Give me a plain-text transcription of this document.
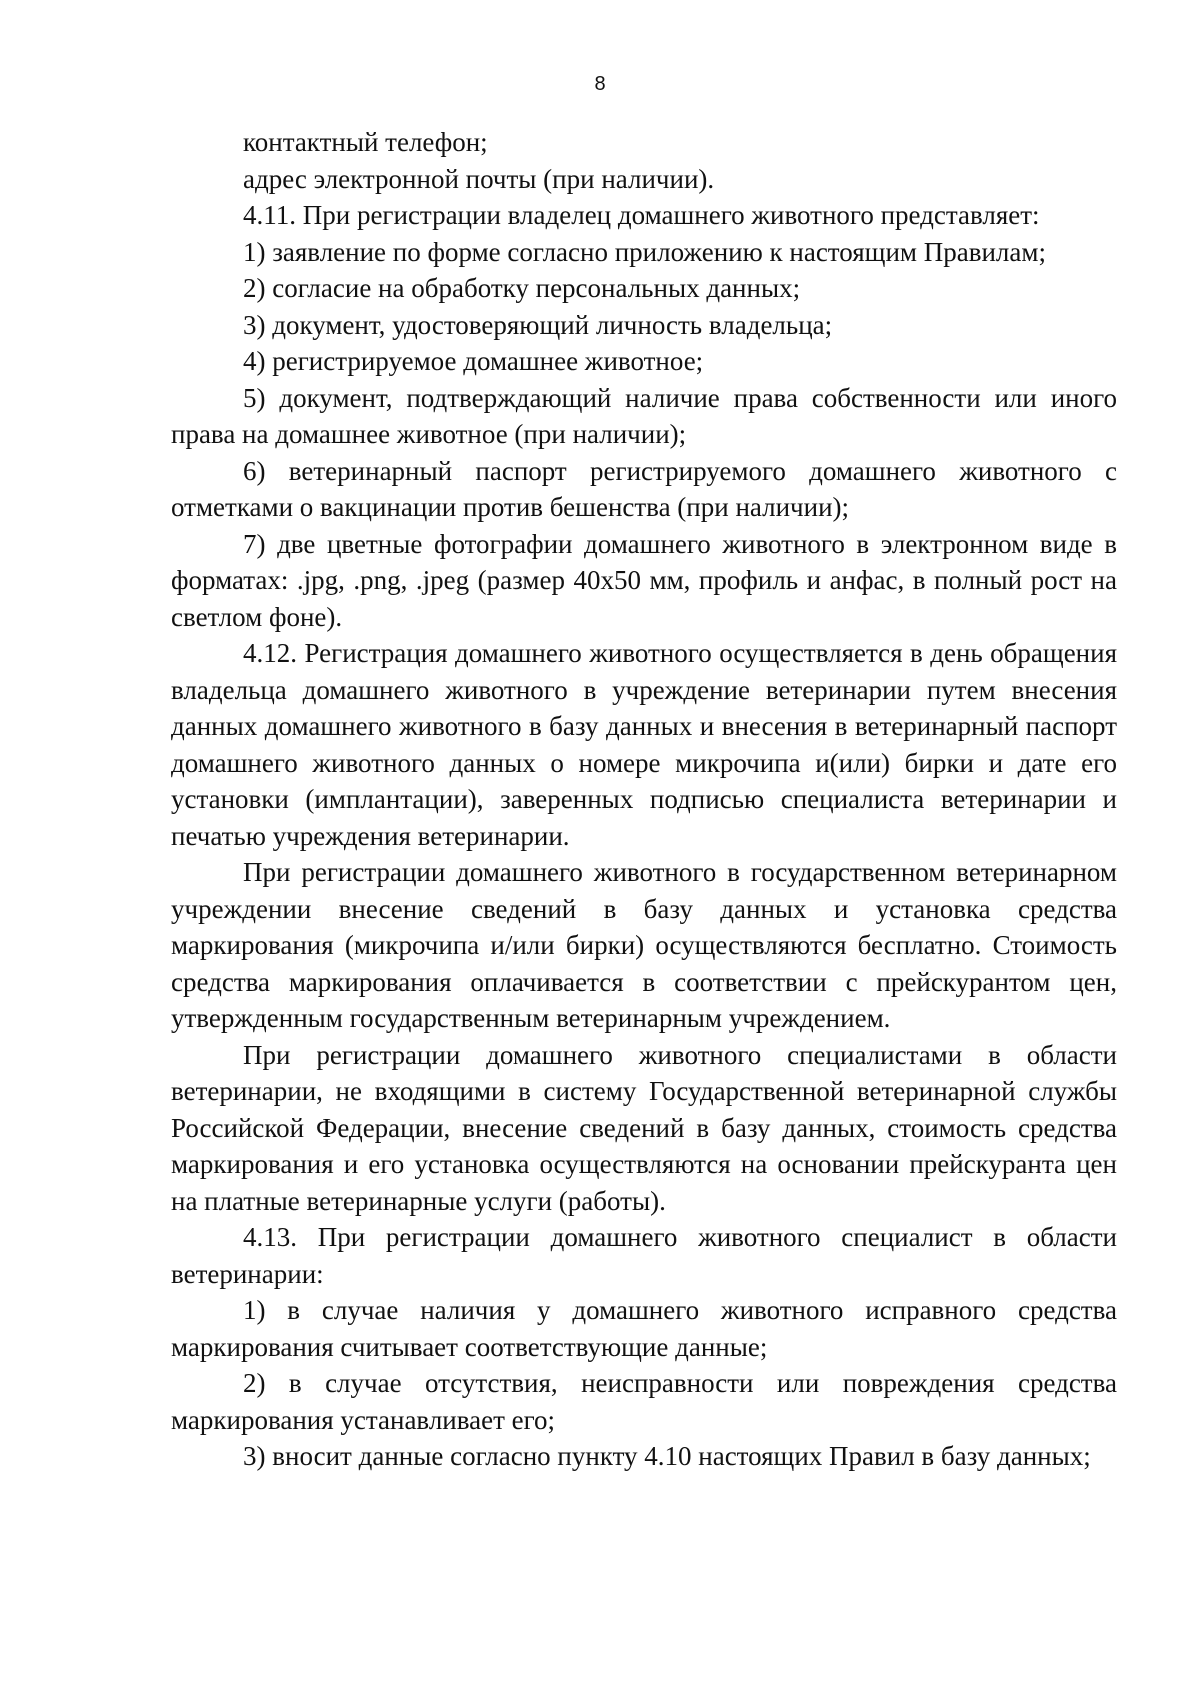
8

контактный телефон;

адрес электронной почты (при наличии).

4.11. При регистрации владелец домашнего животного представляет:

1) заявление по форме согласно приложению к настоящим Правилам;

2) согласие на обработку персональных данных;

3) документ, удостоверяющий личность владельца;

4) регистрируемое домашнее животное;

5) документ, подтверждающий наличие права собственности или иного права на домашнее животное (при наличии);

6) ветеринарный паспорт регистрируемого домашнего животного с отметками о вакцинации против бешенства (при наличии);

7) две цветные фотографии домашнего животного в электронном виде в форматах: .jpg, .png, .jpeg (размер 40х50 мм, профиль и анфас, в полный рост на светлом фоне).

4.12. Регистрация домашнего животного осуществляется в день обращения владельца домашнего животного в учреждение ветеринарии путем внесения данных домашнего животного в базу данных и внесения в ветеринарный паспорт домашнего животного данных о номере микрочипа и(или) бирки и дате его установки (имплантации), заверенных подписью специалиста ветеринарии и печатью учреждения ветеринарии.

При регистрации домашнего животного в государственном ветеринарном учреждении внесение сведений в базу данных и установка средства маркирования (микрочипа и/или бирки) осуществляются бесплатно. Стоимость средства маркирования оплачивается в соответствии с прейскурантом цен, утвержденным государственным ветеринарным учреждением.

При регистрации домашнего животного специалистами в области ветеринарии, не входящими в систему Государственной ветеринарной службы Российской Федерации, внесение сведений в базу данных, стоимость средства маркирования и его установка осуществляются на основании прейскуранта цен на платные ветеринарные услуги (работы).

4.13. При регистрации домашнего животного специалист в области ветеринарии:

1) в случае наличия у домашнего животного исправного средства маркирования считывает соответствующие данные;

2) в случае отсутствия, неисправности или повреждения средства маркирования устанавливает его;

3) вносит данные согласно пункту 4.10 настоящих Правил в базу данных;
